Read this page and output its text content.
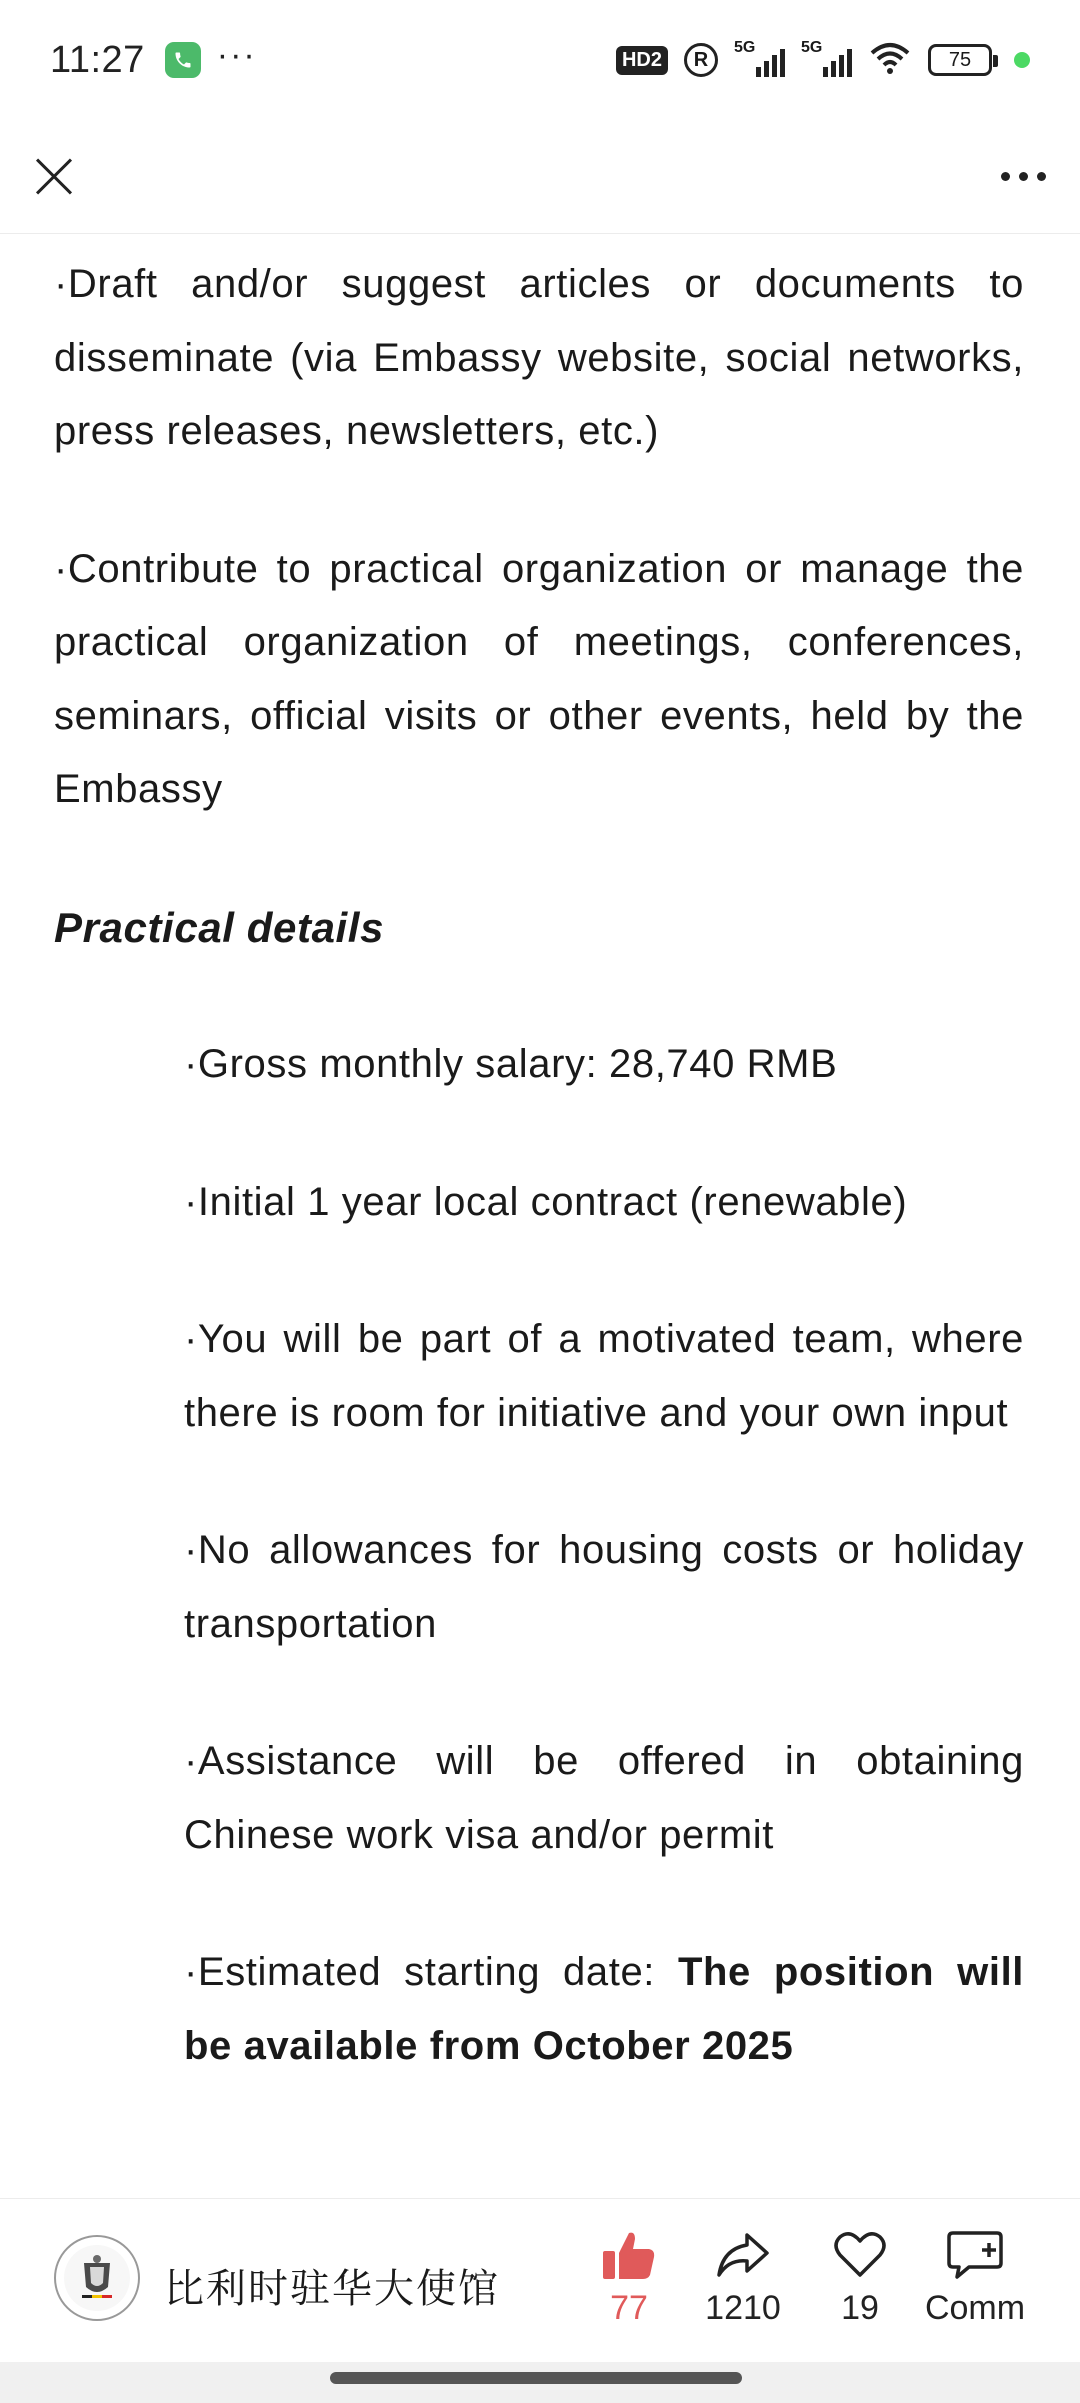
11:27 ···	HD2	R
5G	5G
75

·Draft and/or suggest articles or documents to disseminate (via Embassy website, social networks, press releases, newsletters, etc.)

·Contribute to practical organization or manage the practical organization of meetings, conferences, seminars, official visits or other events, held by the Embassy

Practical details

·Gross monthly salary: 28,740 RMB

·Initial 1 year local contract (renewable)

·You will be part of a motivated team, where there is room for initiative and your own input

·No allowances for housing costs or holiday transportation

·Assistance will be offered in obtaining Chinese work visa and/or permit

·Estimated starting date: The position will be available from October 2025

比利时驻华大使馆	77	1210	19	Comm
